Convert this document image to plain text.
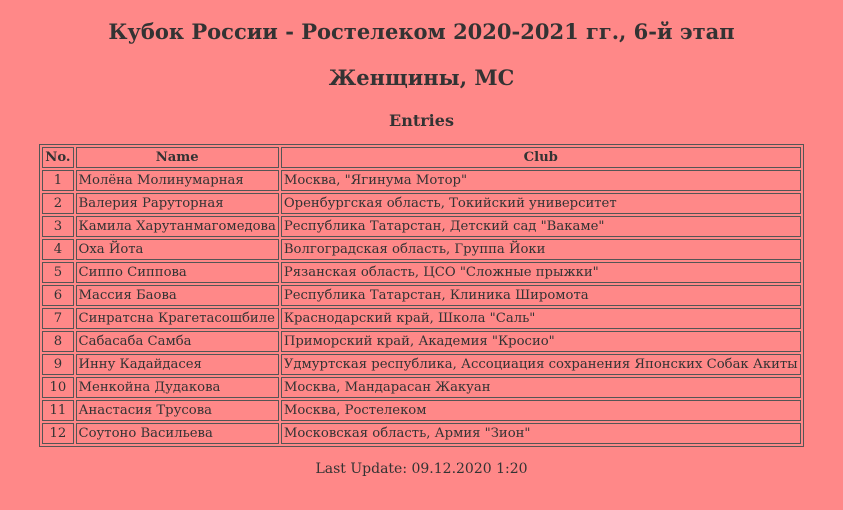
Кубок России - Ростелеком 2020-2021 гг., 6-й этап
Женщины, МС
Entries
No.	Name	Club
1	Молёна Молинумарная	Москва, "Ягинума Мотор"
2	Валерия Раруторная	Оренбургская область, Токийский университет
3	Камила Харутанмагомедова	Республика Татарстан, Детский сад "Вакаме"
4	Оха Йота	Волгоградская область, Группа Йоки
5	Сиппо Сиппова	Рязанская область, ЦСО "Сложные прыжки"
6	Массия Баова	Республика Татарстан, Клиника Широмота
7	Синратсна Крагетасошбиле	Краснодарский край, Школа "Саль"
8	Сабасаба Самба	Приморский край, Академия "Кросио"
9	Инну Кадайдасея	Удмуртская республика, Ассоциация сохранения Японских Собак Акиты
10	Менкойна Дудакова	Москва, Мандарасан Жакуан
11	Анастасия Трусова	Москва, Ростелеком
12	Соутоно Васильева	Московская область, Армия "Зион"
Last Update: 09.12.2020 1:20
